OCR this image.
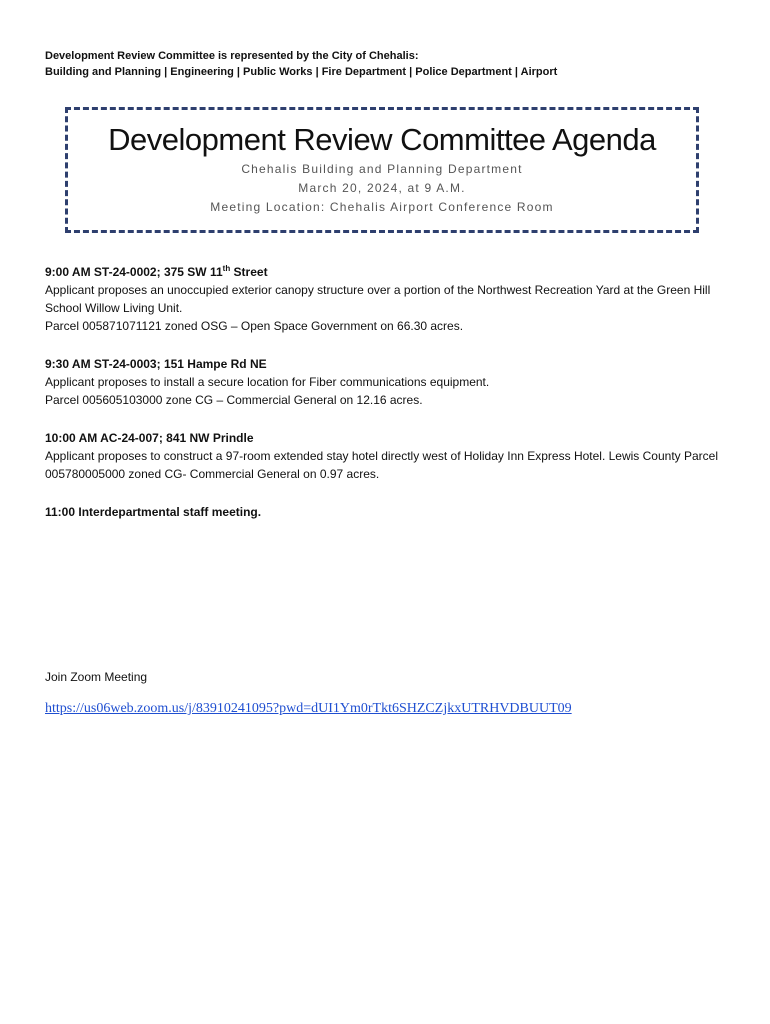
Development Review Committee is represented by the City of Chehalis:
Building and Planning | Engineering | Public Works | Fire Department | Police Department | Airport
Development Review Committee Agenda
Chehalis Building and Planning Department
March 20, 2024, at 9 A.M.
Meeting Location: Chehalis Airport Conference Room
9:00 AM ST-24-0002; 375 SW 11th Street
Applicant proposes an unoccupied exterior canopy structure over a portion of the Northwest Recreation Yard at the Green Hill School Willow Living Unit.
Parcel 005871071121 zoned OSG – Open Space Government on 66.30 acres.
9:30 AM ST-24-0003; 151 Hampe Rd NE
Applicant proposes to install a secure location for Fiber communications equipment.
Parcel 005605103000 zone CG – Commercial General on 12.16 acres.
10:00 AM AC-24-007; 841 NW Prindle
Applicant proposes to construct a 97-room extended stay hotel directly west of Holiday Inn Express Hotel. Lewis County Parcel 005780005000 zoned CG- Commercial General on 0.97 acres.
11:00 Interdepartmental staff meeting.
Join Zoom Meeting
https://us06web.zoom.us/j/83910241095?pwd=dUI1Ym0rTkt6SHZCZjkxUTRHVDBUUT09
